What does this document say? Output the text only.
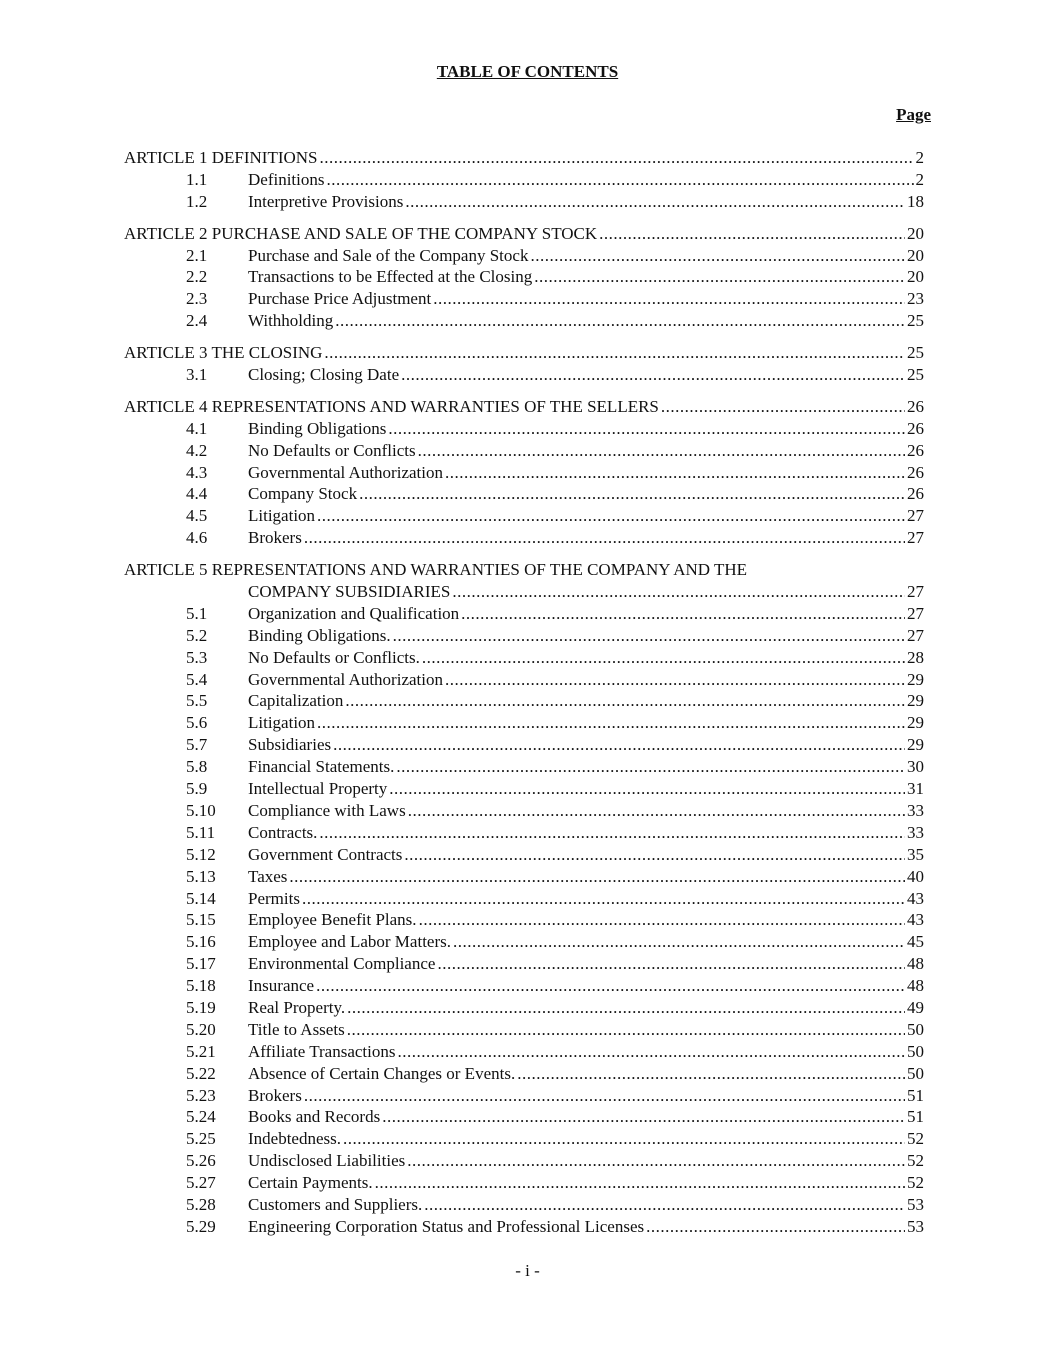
TABLE OF CONTENTS
Page
ARTICLE 1 DEFINITIONS .....	2
1.1	Definitions .....	2
1.2	Interpretive Provisions .....	18
ARTICLE 2 PURCHASE AND SALE OF THE COMPANY STOCK .....	20
2.1	Purchase and Sale of the Company Stock .....	20
2.2	Transactions to be Effected at the Closing .....	20
2.3	Purchase Price Adjustment .....	23
2.4	Withholding .....	25
ARTICLE 3 THE CLOSING .....	25
3.1	Closing; Closing Date .....	25
ARTICLE 4 REPRESENTATIONS AND WARRANTIES OF THE SELLERS .....	26
4.1	Binding Obligations .....	26
4.2	No Defaults or Conflicts .....	26
4.3	Governmental Authorization .....	26
4.4	Company Stock .....	26
4.5	Litigation .....	27
4.6	Brokers .....	27
ARTICLE 5 REPRESENTATIONS AND WARRANTIES OF THE COMPANY AND THE
COMPANY SUBSIDIARIES .....	27
5.1	Organization and Qualification .....	27
5.2	Binding Obligations. .....	27
5.3	No Defaults or Conflicts. .....	28
5.4	Governmental Authorization .....	29
5.5	Capitalization .....	29
5.6	Litigation .....	29
5.7	Subsidiaries .....	29
5.8	Financial Statements. .....	30
5.9	Intellectual Property .....	31
5.10	Compliance with Laws .....	33
5.11	Contracts. .....	33
5.12	Government Contracts .....	35
5.13	Taxes .....	40
5.14	Permits .....	43
5.15	Employee Benefit Plans. .....	43
5.16	Employee and Labor Matters. .....	45
5.17	Environmental Compliance .....	48
5.18	Insurance .....	48
5.19	Real Property. .....	49
5.20	Title to Assets .....	50
5.21	Affiliate Transactions .....	50
5.22	Absence of Certain Changes or Events. .....	50
5.23	Brokers .....	51
5.24	Books and Records .....	51
5.25	Indebtedness. .....	52
5.26	Undisclosed Liabilities .....	52
5.27	Certain Payments. .....	52
5.28	Customers and Suppliers. .....	53
5.29	Engineering Corporation Status and Professional Licenses .....	53
- i -
